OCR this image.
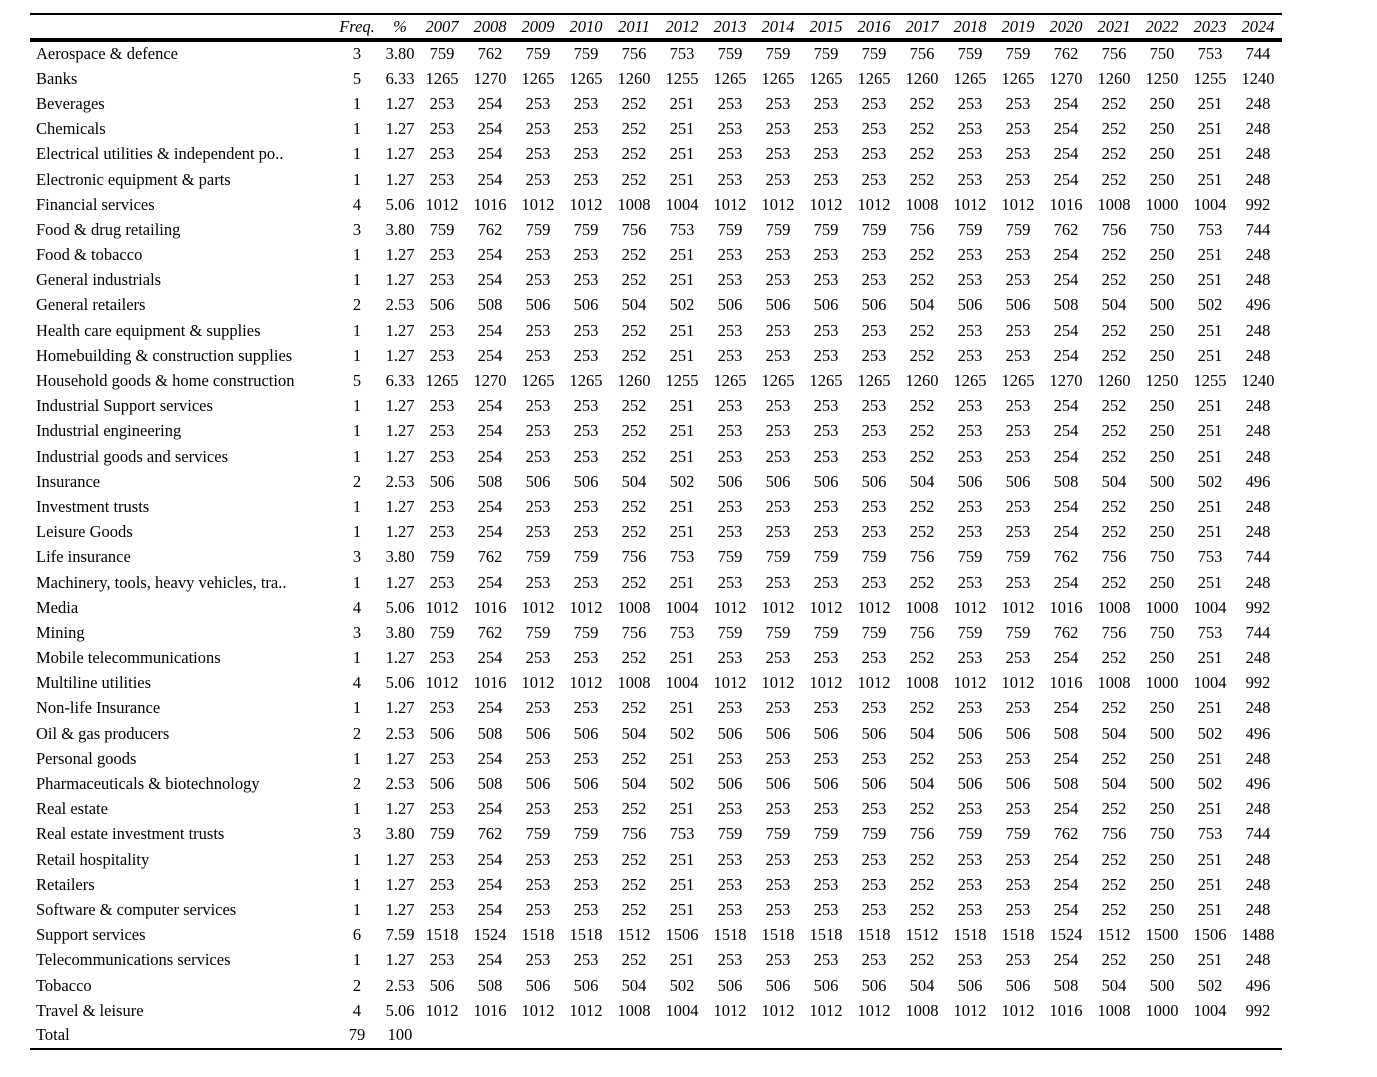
	Freq.	%	2007	2008	2009	2010	2011	2012	2013	2014	2015	2016	2017	2018	2019	2020	2021	2022	2023	2024

Aerospace & defence	3	3.80	759	762	759	759	756	753	759	759	759	759	756	759	759	762	756	750	753	744
Banks	5	6.33	1265	1270	1265	1265	1260	1255	1265	1265	1265	1265	1260	1265	1265	1270	1260	1250	1255	1240
Beverages	1	1.27	253	254	253	253	252	251	253	253	253	253	252	253	253	254	252	250	251	248
Chemicals	1	1.27	253	254	253	253	252	251	253	253	253	253	252	253	253	254	252	250	251	248
Electrical utilities & independent po..	1	1.27	253	254	253	253	252	251	253	253	253	253	252	253	253	254	252	250	251	248
Electronic equipment & parts	1	1.27	253	254	253	253	252	251	253	253	253	253	252	253	253	254	252	250	251	248
Financial services	4	5.06	1012	1016	1012	1012	1008	1004	1012	1012	1012	1012	1008	1012	1012	1016	1008	1000	1004	992
Food & drug retailing	3	3.80	759	762	759	759	756	753	759	759	759	759	756	759	759	762	756	750	753	744
Food & tobacco	1	1.27	253	254	253	253	252	251	253	253	253	253	252	253	253	254	252	250	251	248
General industrials	1	1.27	253	254	253	253	252	251	253	253	253	253	252	253	253	254	252	250	251	248
General retailers	2	2.53	506	508	506	506	504	502	506	506	506	506	504	506	506	508	504	500	502	496
Health care equipment & supplies	1	1.27	253	254	253	253	252	251	253	253	253	253	252	253	253	254	252	250	251	248
Homebuilding & construction supplies	1	1.27	253	254	253	253	252	251	253	253	253	253	252	253	253	254	252	250	251	248
Household goods & home construction	5	6.33	1265	1270	1265	1265	1260	1255	1265	1265	1265	1265	1260	1265	1265	1270	1260	1250	1255	1240
Industrial Support services	1	1.27	253	254	253	253	252	251	253	253	253	253	252	253	253	254	252	250	251	248
Industrial engineering	1	1.27	253	254	253	253	252	251	253	253	253	253	252	253	253	254	252	250	251	248
Industrial goods and services	1	1.27	253	254	253	253	252	251	253	253	253	253	252	253	253	254	252	250	251	248
Insurance	2	2.53	506	508	506	506	504	502	506	506	506	506	504	506	506	508	504	500	502	496
Investment trusts	1	1.27	253	254	253	253	252	251	253	253	253	253	252	253	253	254	252	250	251	248
Leisure Goods	1	1.27	253	254	253	253	252	251	253	253	253	253	252	253	253	254	252	250	251	248
Life insurance	3	3.80	759	762	759	759	756	753	759	759	759	759	756	759	759	762	756	750	753	744
Machinery, tools, heavy vehicles, tra..	1	1.27	253	254	253	253	252	251	253	253	253	253	252	253	253	254	252	250	251	248
Media	4	5.06	1012	1016	1012	1012	1008	1004	1012	1012	1012	1012	1008	1012	1012	1016	1008	1000	1004	992
Mining	3	3.80	759	762	759	759	756	753	759	759	759	759	756	759	759	762	756	750	753	744
Mobile telecommunications	1	1.27	253	254	253	253	252	251	253	253	253	253	252	253	253	254	252	250	251	248
Multiline utilities	4	5.06	1012	1016	1012	1012	1008	1004	1012	1012	1012	1012	1008	1012	1012	1016	1008	1000	1004	992
Non-life Insurance	1	1.27	253	254	253	253	252	251	253	253	253	253	252	253	253	254	252	250	251	248
Oil & gas producers	2	2.53	506	508	506	506	504	502	506	506	506	506	504	506	506	508	504	500	502	496
Personal goods	1	1.27	253	254	253	253	252	251	253	253	253	253	252	253	253	254	252	250	251	248
Pharmaceuticals & biotechnology	2	2.53	506	508	506	506	504	502	506	506	506	506	504	506	506	508	504	500	502	496
Real estate	1	1.27	253	254	253	253	252	251	253	253	253	253	252	253	253	254	252	250	251	248
Real estate investment trusts	3	3.80	759	762	759	759	756	753	759	759	759	759	756	759	759	762	756	750	753	744
Retail hospitality	1	1.27	253	254	253	253	252	251	253	253	253	253	252	253	253	254	252	250	251	248
Retailers	1	1.27	253	254	253	253	252	251	253	253	253	253	252	253	253	254	252	250	251	248
Software & computer services	1	1.27	253	254	253	253	252	251	253	253	253	253	252	253	253	254	252	250	251	248
Support services	6	7.59	1518	1524	1518	1518	1512	1506	1518	1518	1518	1518	1512	1518	1518	1524	1512	1500	1506	1488
Telecommunications services	1	1.27	253	254	253	253	252	251	253	253	253	253	252	253	253	254	252	250	251	248
Tobacco	2	2.53	506	508	506	506	504	502	506	506	506	506	504	506	506	508	504	500	502	496
Travel & leisure	4	5.06	1012	1016	1012	1012	1008	1004	1012	1012	1012	1012	1008	1012	1012	1016	1008	1000	1004	992
Total	79	100																		
